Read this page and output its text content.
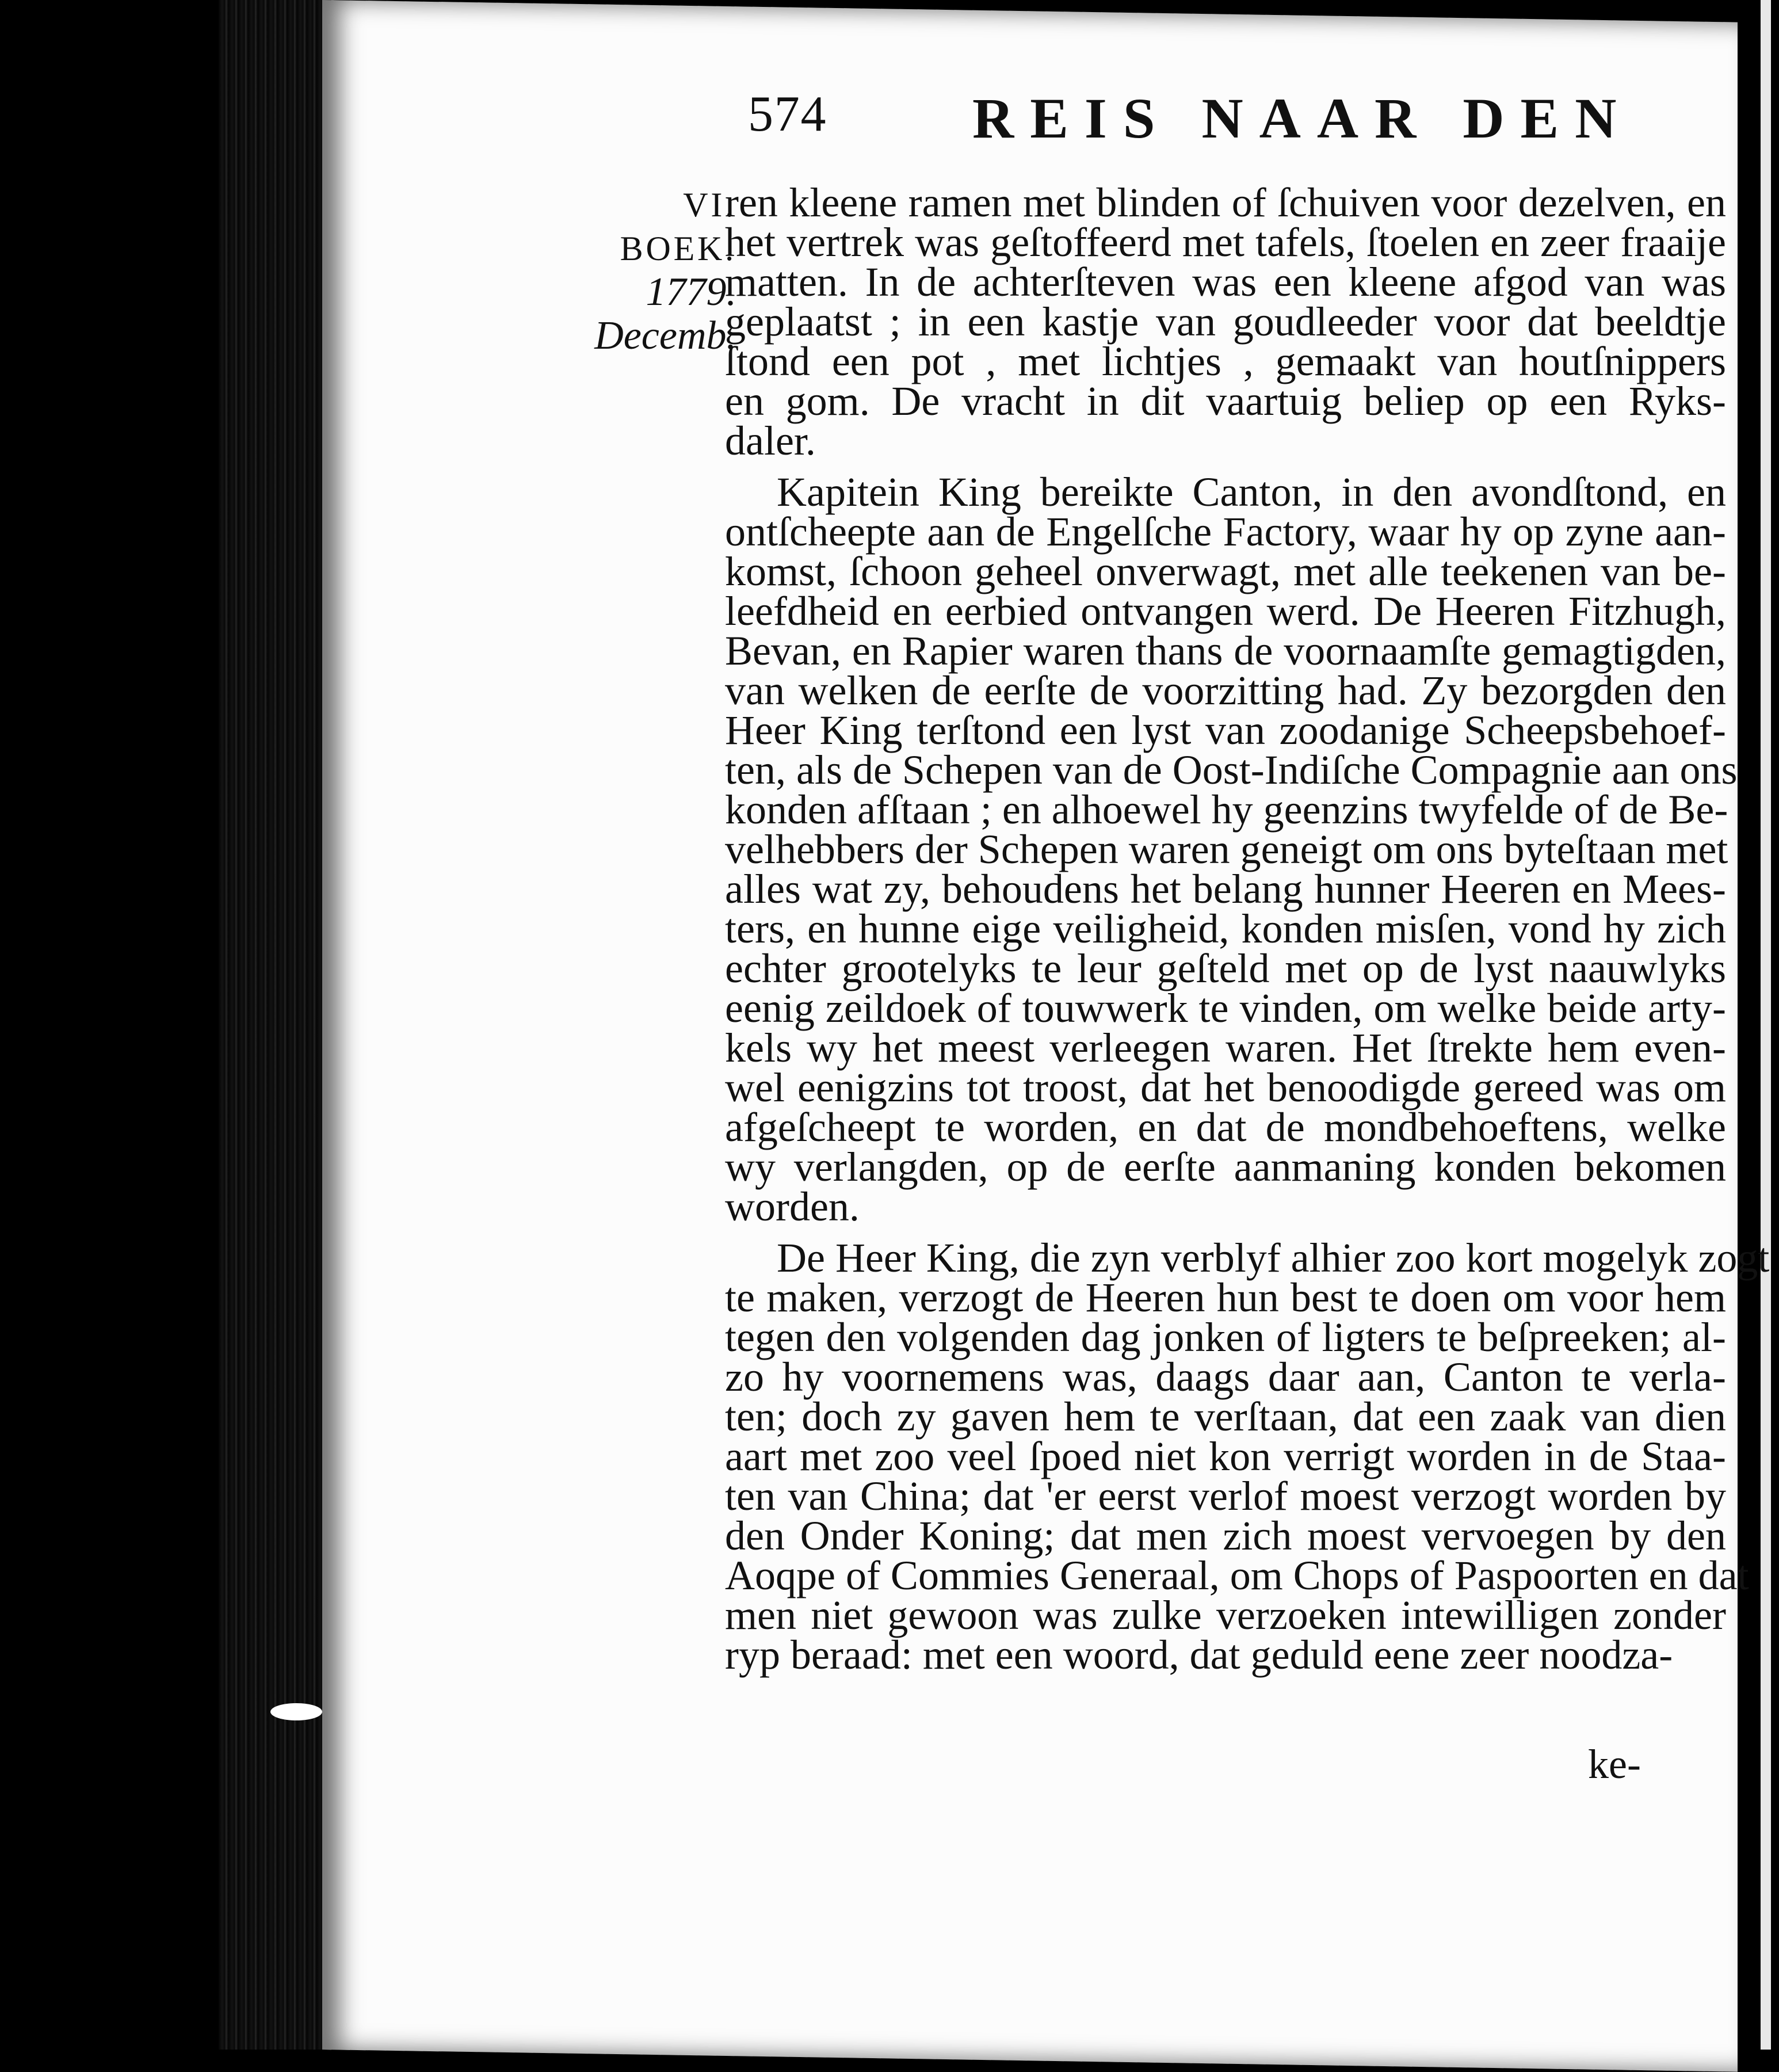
574	REIS NAAR DEN
VI.
BOEK.
1779.
Decemb.
ren kleene ramen met blinden of ſchuiven voor dezelven, en
het vertrek was geſtoffeerd met tafels, ſtoelen en zeer fraaije
matten. In de achterſteven was een kleene afgod van was
geplaatst ; in een kastje van goudleeder voor dat beeldtje
ſtond een pot , met lichtjes , gemaakt van houtſnippers
en gom. De vracht in dit vaartuig beliep op een Ryks-
daler.
Kapitein King bereikte Canton, in den avondſtond, en
ontſcheepte aan de Engelſche Factory, waar hy op zyne aan-
komst, ſchoon geheel onverwagt, met alle teekenen van be-
leefdheid en eerbied ontvangen werd. De Heeren Fitzhugh,
Bevan, en Rapier waren thans de voornaamſte gemagtigden,
van welken de eerſte de voorzitting had. Zy bezorgden den
Heer King terſtond een lyst van zoodanige Scheepsbehoef-
ten, als de Schepen van de Oost-Indiſche Compagnie aan ons
konden afſtaan ; en alhoewel hy geenzins twyfelde of de Be-
velhebbers der Schepen waren geneigt om ons byteſtaan met
alles wat zy, behoudens het belang hunner Heeren en Mees-
ters, en hunne eige veiligheid, konden misſen, vond hy zich
echter grootelyks te leur geſteld met op de lyst naauwlyks
eenig zeildoek of touwwerk te vinden, om welke beide arty-
kels wy het meest verleegen waren. Het ſtrekte hem even-
wel eenigzins tot troost, dat het benoodigde gereed was om
afgeſcheept te worden, en dat de mondbehoeftens, welke
wy verlangden, op de eerſte aanmaning konden bekomen
worden.
De Heer King, die zyn verblyf alhier zoo kort mogelyk zogt
te maken, verzogt de Heeren hun best te doen om voor hem
tegen den volgenden dag jonken of ligters te beſpreeken; al-
zo hy voornemens was, daags daar aan, Canton te verla-
ten; doch zy gaven hem te verſtaan, dat een zaak van dien
aart met zoo veel ſpoed niet kon verrigt worden in de Staa-
ten van China; dat 'er eerst verlof moest verzogt worden by
den Onder Koning; dat men zich moest vervoegen by den
Aoqpe of Commies Generaal, om Chops of Paspoorten en dat
men niet gewoon was zulke verzoeken intewilligen zonder
ryp beraad: met een woord, dat geduld eene zeer noodza-
ke-
